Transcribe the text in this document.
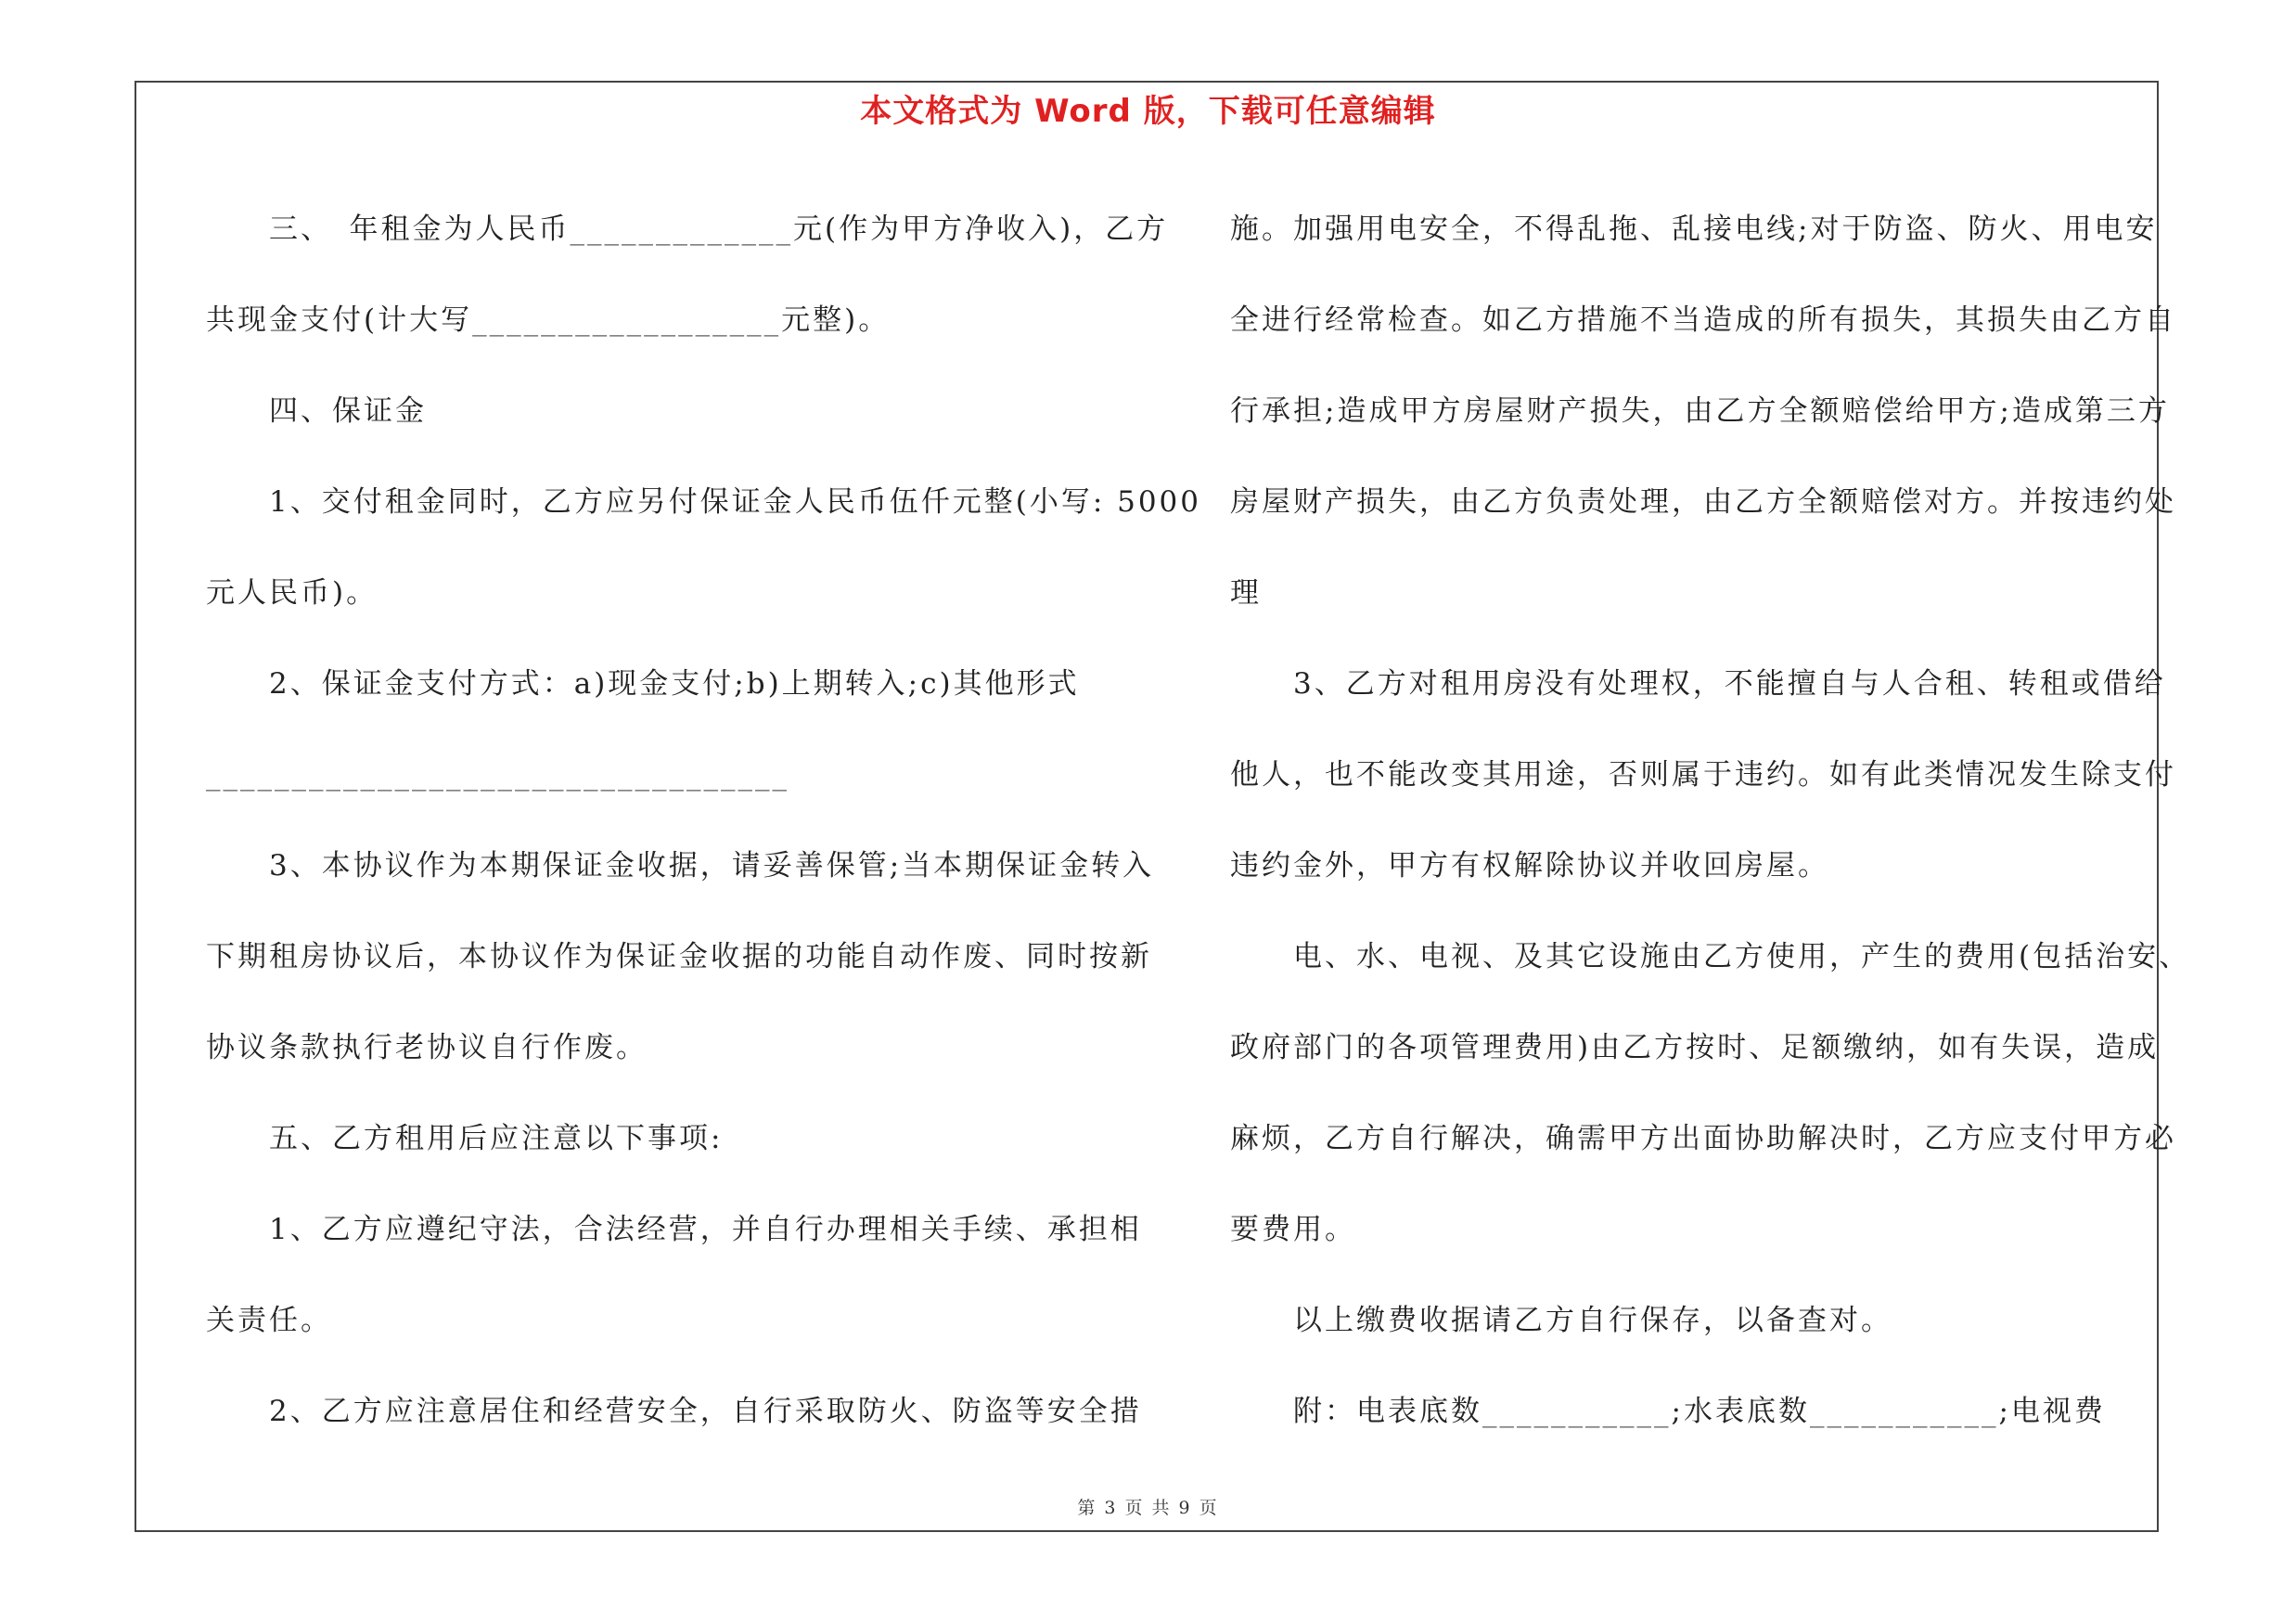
本文格式为 Word 版，下载可任意编辑
　　三、　年租金为人民币_____________元(作为甲方净收入)，乙方
共现金支付(计大写__________________元整)。
　　四、保证金
　　1、交付租金同时，乙方应另付保证金人民币伍仟元整(小写: 5000
元人民币)。
　　2、保证金支付方式：a)现金支付;b)上期转入;c)其他形式
__________________________________
　　3、本协议作为本期保证金收据，请妥善保管;当本期保证金转入
下期租房协议后，本协议作为保证金收据的功能自动作废、同时按新
协议条款执行老协议自行作废。
　　五、乙方租用后应注意以下事项:
　　1、乙方应遵纪守法，合法经营，并自行办理相关手续、承担相
关责任。
　　2、乙方应注意居住和经营安全，自行采取防火、防盗等安全措
施。加强用电安全，不得乱拖、乱接电线;对于防盗、防火、用电安
全进行经常检查。如乙方措施不当造成的所有损失，其损失由乙方自
行承担;造成甲方房屋财产损失，由乙方全额赔偿给甲方;造成第三方
房屋财产损失，由乙方负责处理，由乙方全额赔偿对方。并按违约处
理
　　3、乙方对租用房没有处理权，不能擅自与人合租、转租或借给
他人，也不能改变其用途，否则属于违约。如有此类情况发生除支付
违约金外，甲方有权解除协议并收回房屋。
　　电、水、电视、及其它设施由乙方使用，产生的费用(包括治安、
政府部门的各项管理费用)由乙方按时、足额缴纳，如有失误，造成
麻烦，乙方自行解决，确需甲方出面协助解决时，乙方应支付甲方必
要费用。
　　以上缴费收据请乙方自行保存，以备查对。
　　附：电表底数___________;水表底数___________;电视费
第 3 页 共 9 页
